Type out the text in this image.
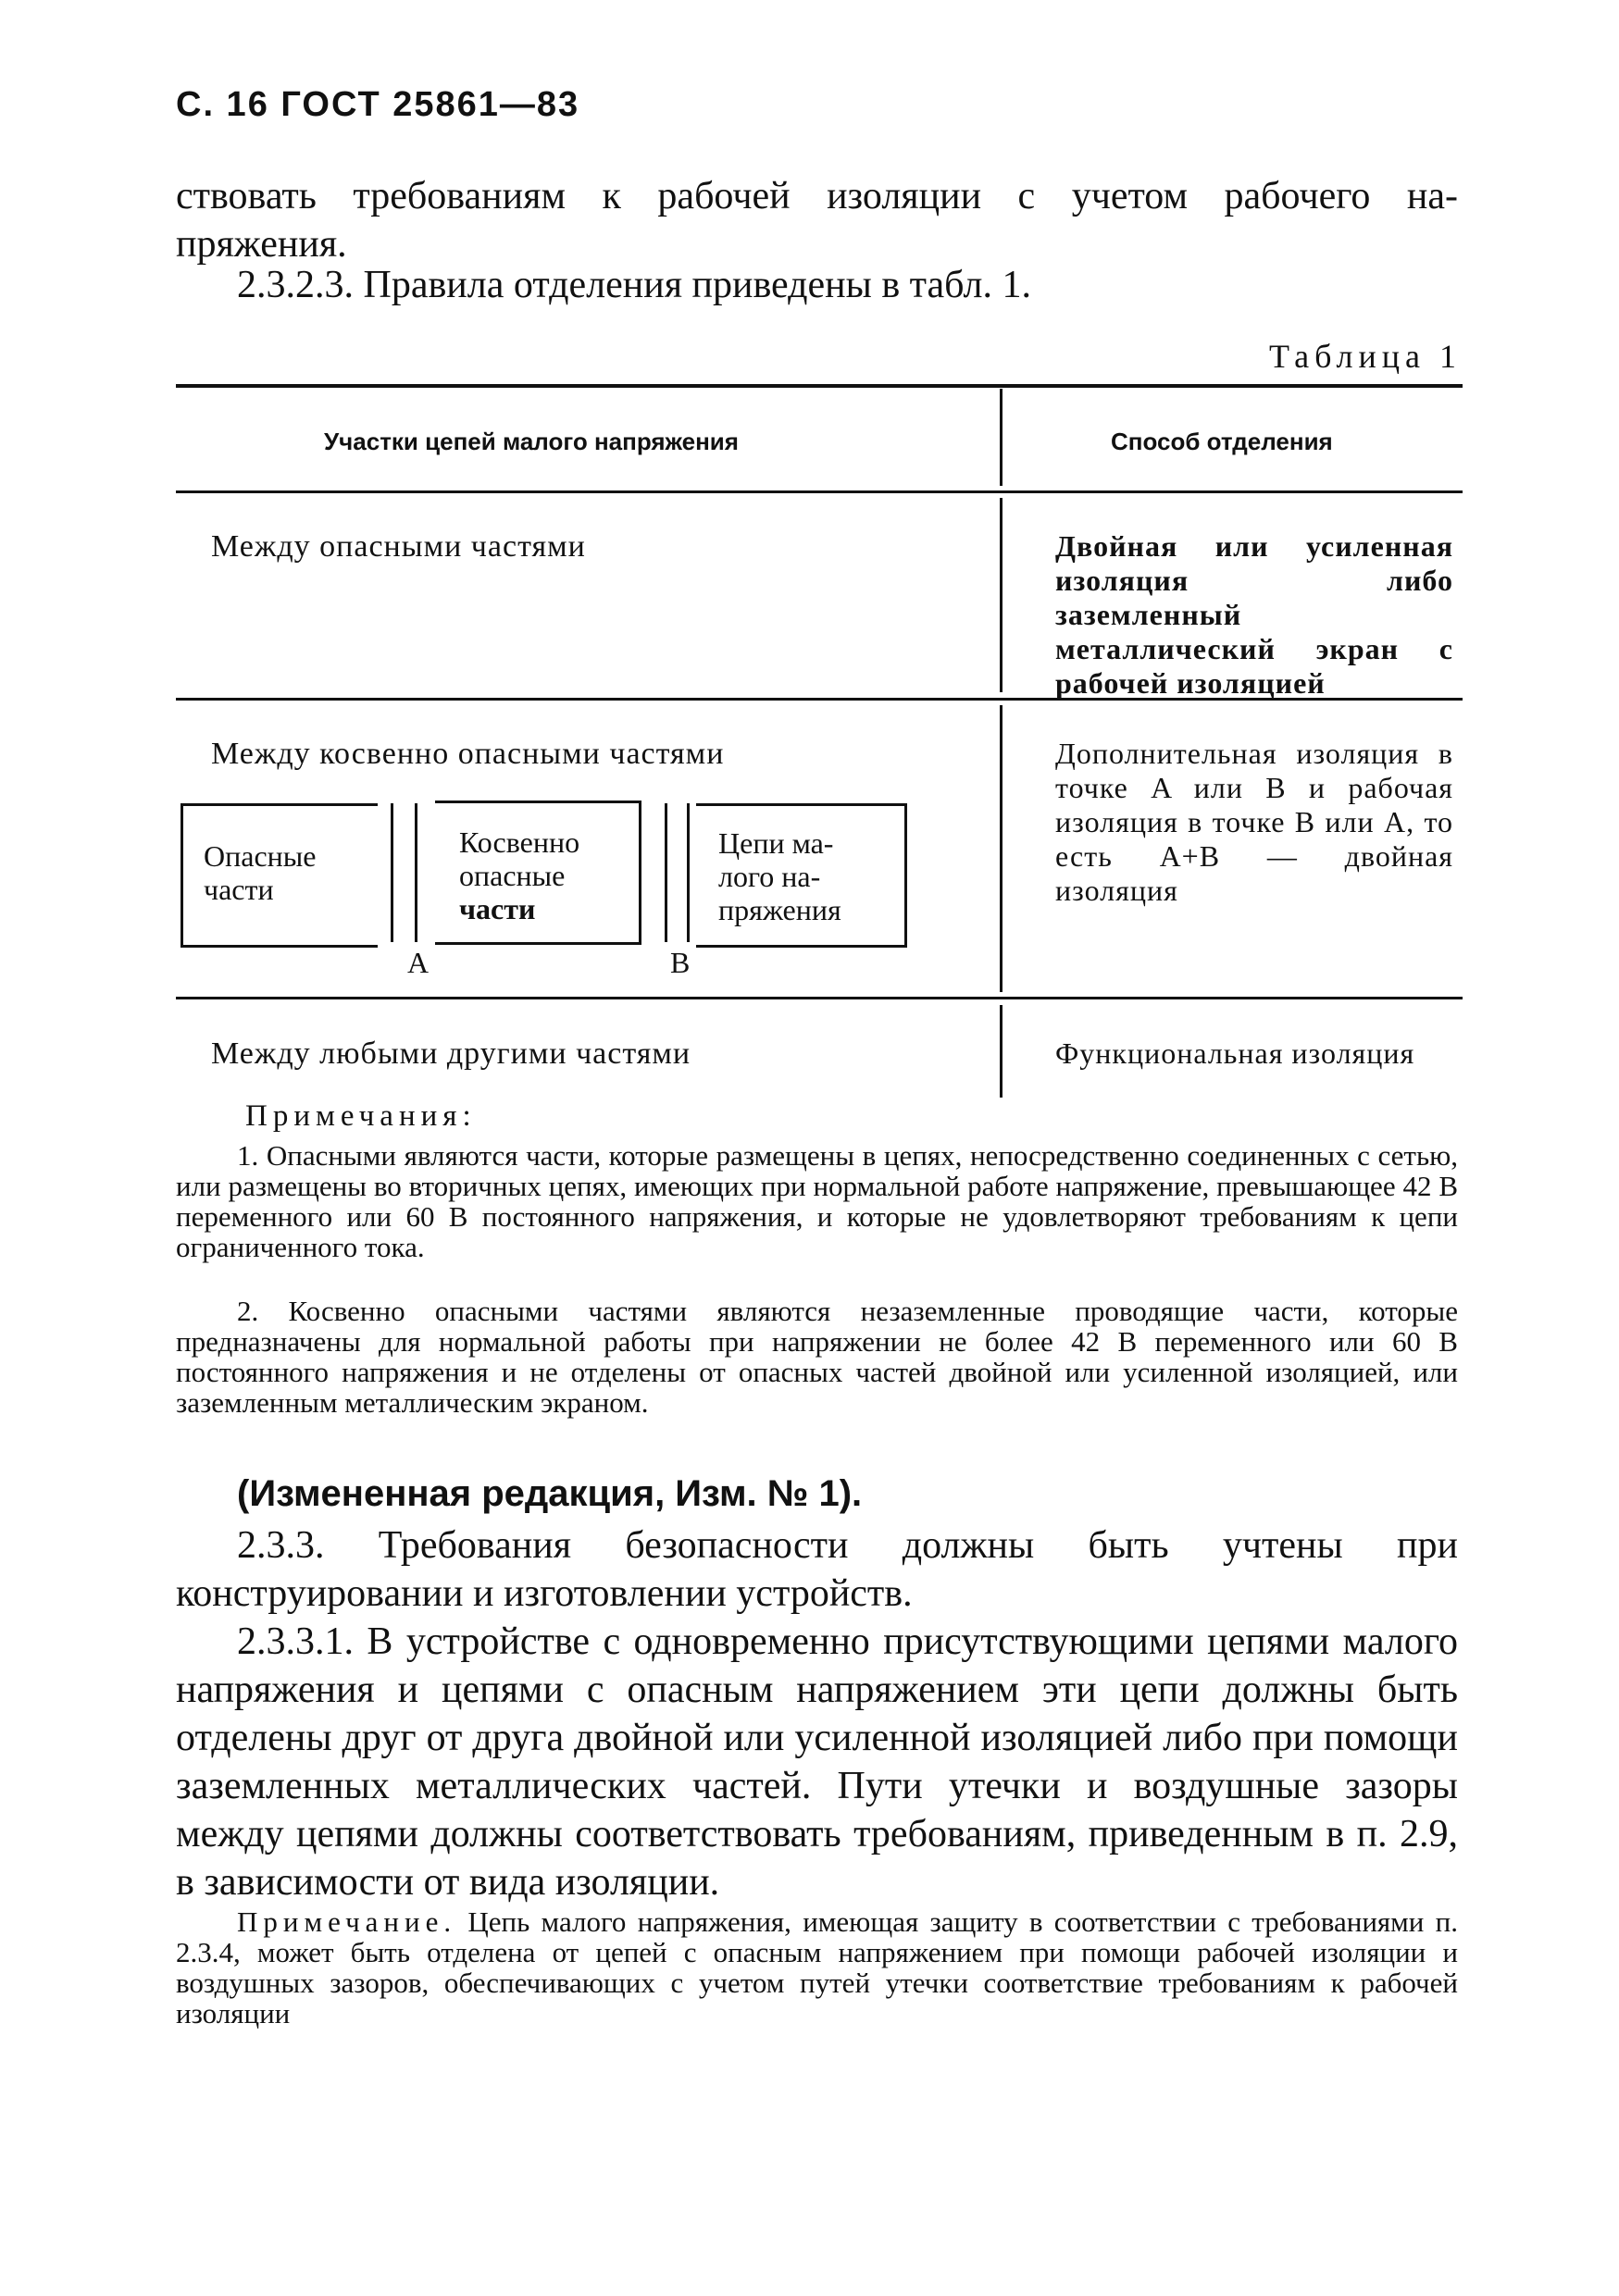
С. 16 ГОСТ 25861—83
ствовать требованиям к рабочей изоляции с учетом рабочего на-
пряжения.
2.3.2.3. Правила отделения приведены в табл. 1.
Таблица 1
Участки цепей малого напряжения	Способ отделения
Между опасными частями	Двойная или усиленная изоляция либо заземленный металлический экран с рабочей изоляцией
Между косвенно опасными частями	Дополнительная изоляция в точке A или B и рабочая изоляция в точке B или A, то есть A+B — двойная изоляция
Опасные
части
Косвенно
опасные
части
Цепи ма-
лого на-
пряжения
A	B
Между любыми другими частями	Функциональная изоляция
Примечания:
1. Опасными являются части, которые размещены в цепях, непосредственно соединенных с сетью, или размещены во вторичных цепях, имеющих при нормальной работе напряжение, превышающее 42 В переменного или 60 В постоянного напряжения, и которые не удовлетворяют требованиям к цепи ограниченного тока.
2. Косвенно опасными частями являются незаземленные проводящие части, которые предназначены для нормальной работы при напряжении не более 42 В переменного или 60 В постоянного напряжения и не отделены от опасных частей двойной или усиленной изоляцией, или заземленным металлическим экраном.
(Измененная редакция, Изм. № 1).
2.3.3. Требования безопасности должны быть учтены при конструировании и изготовлении устройств.
2.3.3.1. В устройстве с одновременно присутствующими цепями малого напряжения и цепями с опасным напряжением эти цепи должны быть отделены друг от друга двойной или усиленной изоляцией либо при помощи заземленных металлических частей. Пути утечки и воздушные зазоры между цепями должны соответствовать требованиям, приведенным в п. 2.9, в зависимости от вида изоляции.
Примечание. Цепь малого напряжения, имеющая защиту в соответствии с требованиями п. 2.3.4, может быть отделена от цепей с опасным напряжением при помощи рабочей изоляции и воздушных зазоров, обеспечивающих с учетом путей утечки соответствие требованиям к рабочей изоляции
